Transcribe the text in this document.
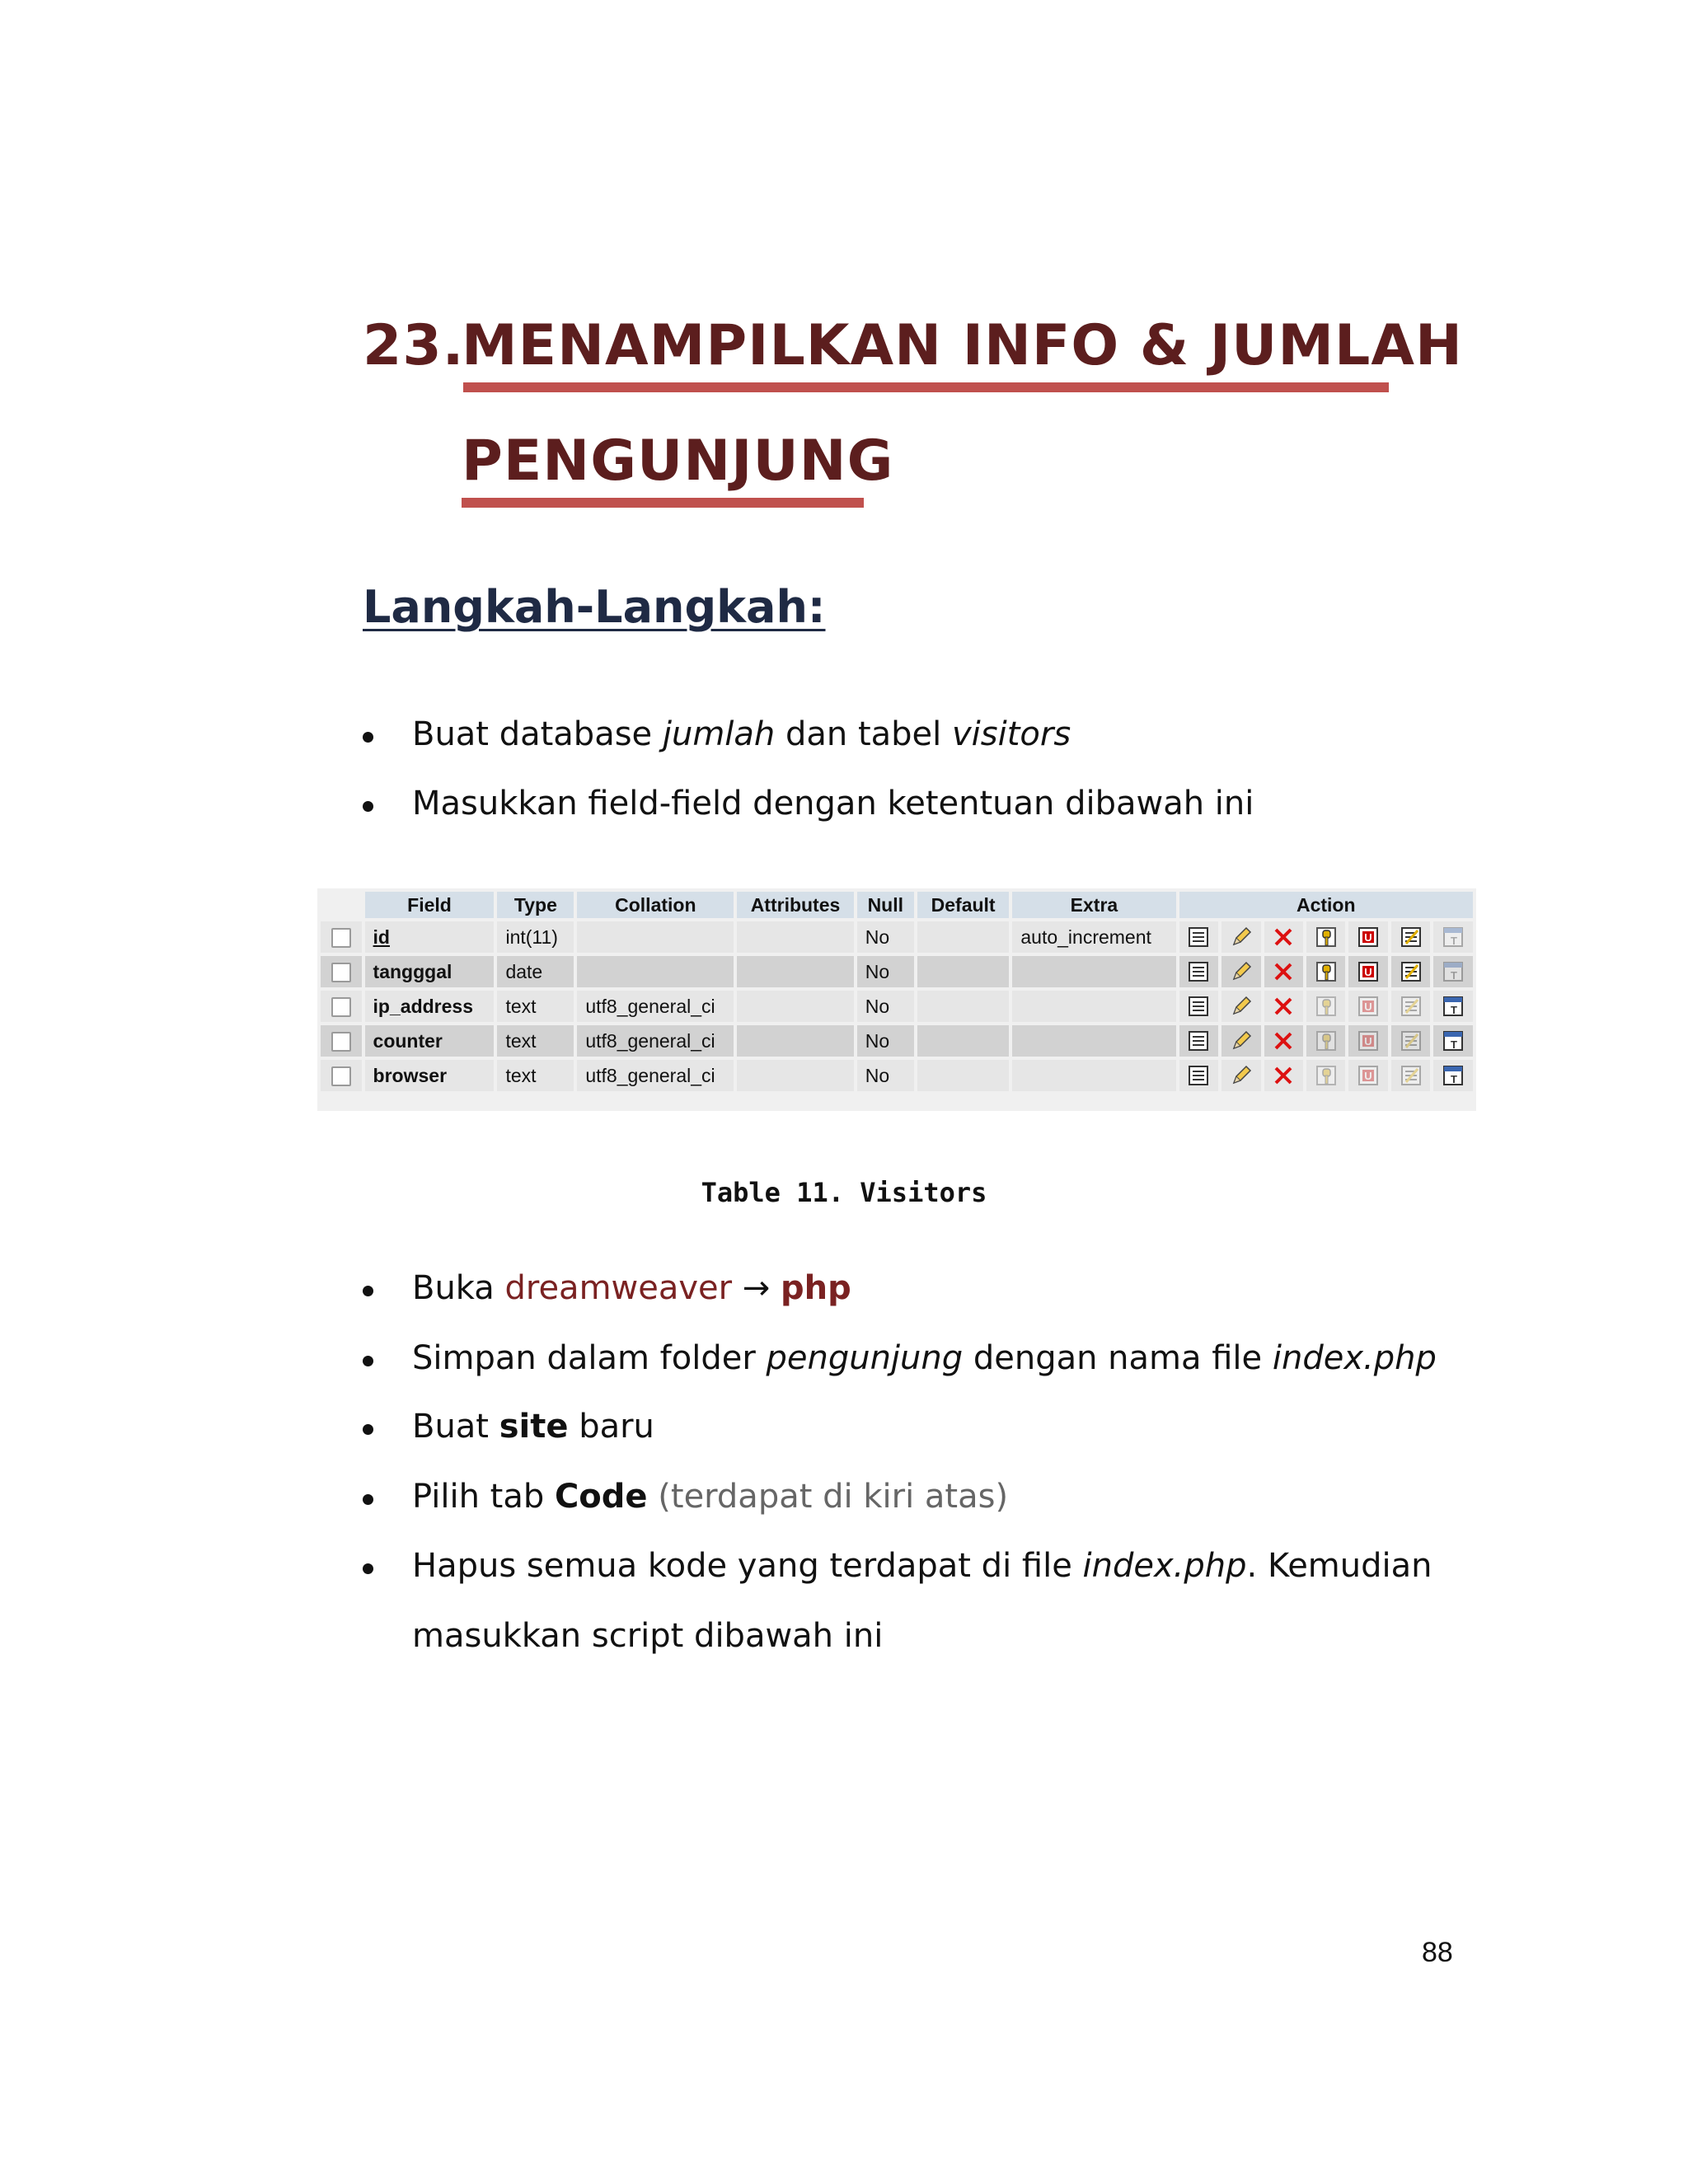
23.
MENAMPILKAN INFO & JUMLAH
PENGUNJUNG
Langkah-Langkah:
Buat database jumlah dan tabel visitors
Masukkan field-field dengan ketentuan dibawah ini
	Field	Type	Collation	Attributes	Null	Default	Extra	Action						
	id	int(11)			No		auto_increment					U		T

	tangggal	date			No							U		T

	ip_address	text	utf8_general_ci		No							U		T

	counter	text	utf8_general_ci		No							U		T

	browser	text	utf8_general_ci		No							U		T
Table 11. Visitors
Buka dreamweaver → php
Simpan dalam folder pengunjung dengan nama file index.php
Buat site baru
Pilih tab Code (terdapat di kiri atas)
Hapus semua kode yang terdapat di file index.php. Kemudian
masukkan script dibawah ini
88
